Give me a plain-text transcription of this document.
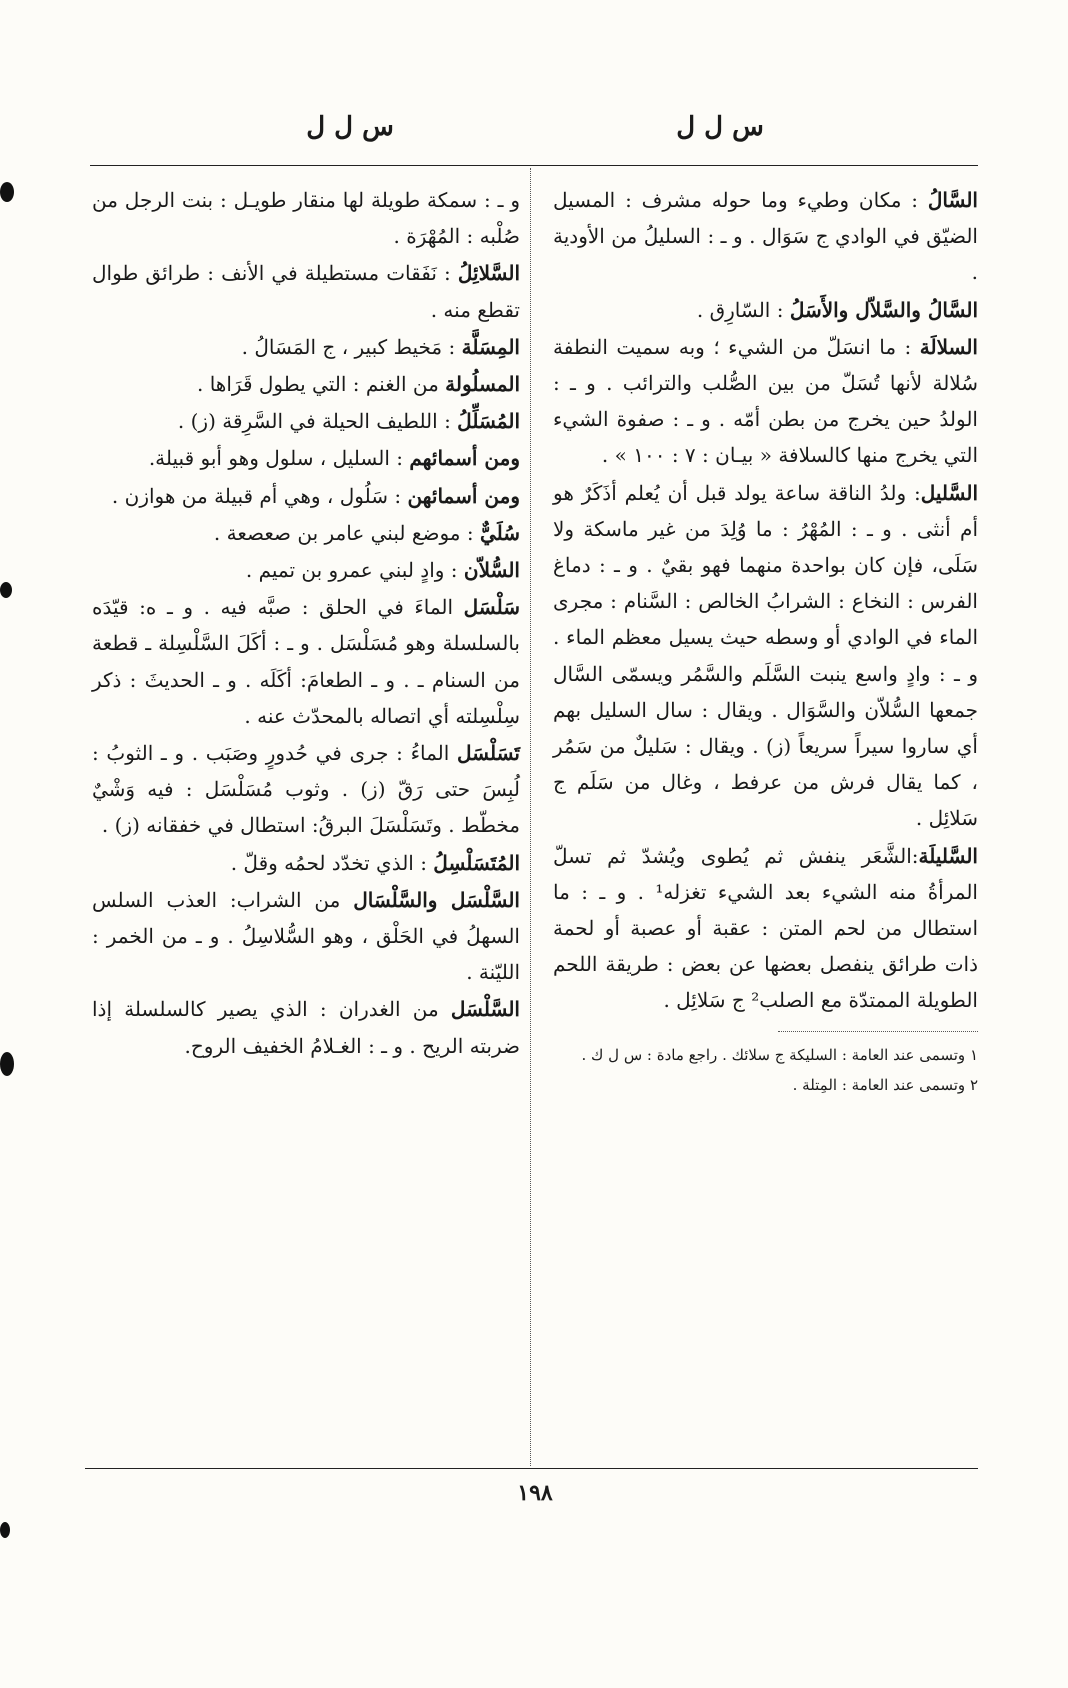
س ل ل
س ل ل

السَّالُ : مكان وطيء وما حوله مشرف : المسيل الضيّق في الوادي ج سَوَال . و ـ : السليلُ من الأودية .

السَّالُ والسَّلاّل والأَسَلُ : السّارِق .

السلالَة : ما انسَلّ من الشيء ؛ وبه سميت النطفة سُلالة لأنها تُسَلّ من بين الصُّلب والترائب . و ـ : الولدُ حين يخرج من بطن أمّه . و ـ : صفوة الشيء التي يخرج منها كالسلافة « بيـان : ٧ : ١٠٠ » .

السَّليل: ولدُ الناقة ساعة يولد قبل أن يُعلم أذَكَرٌ هو أم أنثى . و ـ : المُهْرُ : ما وُلِدَ من غير ماسكة ولا سَلَى، فإن كان بواحدة منهما فهو بقيٌ . و ـ : دماغ الفرس : النخاع : الشرابُ الخالص : السَّنام : مجرى الماء في الوادي أو وسطه حيث يسيل معظم الماء . و ـ : وادٍ واسع ينبت السَّلَم والسَّمُر ويسمّى السَّال جمعها السُّلاّن والسَّوَال . ويقال : سال السليل بهم أي ساروا سيراً سريعاً (ز) . ويقال : سَليلٌ من سَمُر ، كما يقال فرش من عرفط ، وغال من سَلَم ج سَلائِل .

السَّليلَة:الشَّعَر ينفش ثم يُطوى ويُشدّ ثم تسلّ المرأةُ منه الشيء بعد الشيء تغزله¹ . و ـ : ما استطال من لحم المتن : عقبة أو عصبة أو لحمة ذات طرائق ينفصل بعضها عن بعض : طريقة اللحم الطويلة الممتدّة مع الصلب² ج سَلائِل .

١ وتسمى عند العامة : السليكة ج سلائك . راجع مادة : س ل ك .

٢ وتسمى عند العامة : المِتلة .

و ـ : سمكة طويلة لها منقار طويـل : بنت الرجل من صُلْبه : المُهْرَة .

السَّلائِلُ : نَفَقات مستطيلة في الأنف : طرائق طوال تقطع منه .

المِسَلَّة : مَخيط كبير ، ج المَسَالُ .

المسلُولة من الغنم : التي يطول قَرَاها .

المُسَلِّلُ : اللطيف الحيلة في السَّرِقة (ز) .

ومن أسمائهم : السليل ، سلول وهو أبو قبيلة.

ومن أسمائهن : سَلُول ، وهي أم قبيلة من هوازن .

سُلَيٌّ : موضع لبني عامر بن صعصعة .

السُّلاّن : وادٍ لبني عمرو بن تميم .

سَلْسَل الماءَ في الحلق : صبَّه فيه . و ـ ه: قيّدَه بالسلسلة وهو مُسَلْسَل . و ـ : أكَلَ السَّلْسِلة ـ قطعة من السنام ـ . و ـ الطعامَ: أكَلَه . و ـ الحديثَ : ذكر سِلْسِلته أي اتصاله بالمحدّث عنه .

تَسَلْسَل الماءُ : جرى في حُدورٍ وصَبَب . و ـ الثوبُ : لُبِسَ حتى رَقّ (ز) . وثوب مُسَلْسَل : فيه وَشْيٌ مخطّط . وتَسَلْسَلَ البرقُ: استطال في خفقانه (ز) .

المُتَسَلْسِلُ : الذي تخدّد لحمُه وقلّ .

السَّلْسَل والسَّلْسَال من الشراب: العذب السلس السهلُ في الحَلْق ، وهو السُّلاسِلُ . و ـ من الخمر : الليّنة .

السَّلْسَل من الغدران : الذي يصير كالسلسلة إذا ضربته الريح . و ـ : الغـلامُ الخفيف الروح.

١٩٨
